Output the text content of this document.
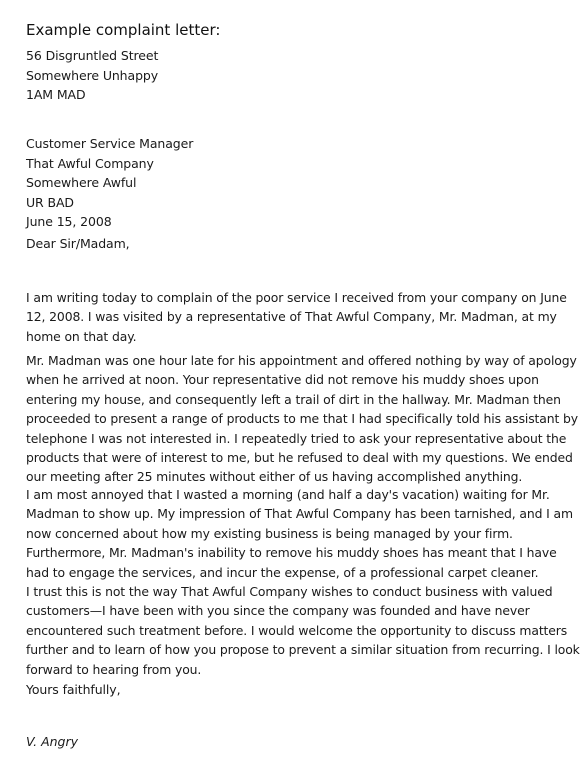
Example complaint letter:
56 Disgruntled Street
Somewhere Unhappy
1AM MAD
Customer Service Manager
That Awful Company
Somewhere Awful
UR BAD
June 15, 2008
Dear Sir/Madam,
I am writing today to complain of the poor service I received from your company on June
12, 2008. I was visited by a representative of That Awful Company, Mr. Madman, at my
home on that day.
Mr. Madman was one hour late for his appointment and offered nothing by way of apology
when he arrived at noon. Your representative did not remove his muddy shoes upon
entering my house, and consequently left a trail of dirt in the hallway. Mr. Madman then
proceeded to present a range of products to me that I had specifically told his assistant by
telephone I was not interested in. I repeatedly tried to ask your representative about the
products that were of interest to me, but he refused to deal with my questions. We ended
our meeting after 25 minutes without either of us having accomplished anything.
I am most annoyed that I wasted a morning (and half a day's vacation) waiting for Mr.
Madman to show up. My impression of That Awful Company has been tarnished, and I am
now concerned about how my existing business is being managed by your firm.
Furthermore, Mr. Madman's inability to remove his muddy shoes has meant that I have
had to engage the services, and incur the expense, of a professional carpet cleaner.
I trust this is not the way That Awful Company wishes to conduct business with valued
customers—I have been with you since the company was founded and have never
encountered such treatment before. I would welcome the opportunity to discuss matters
further and to learn of how you propose to prevent a similar situation from recurring. I look
forward to hearing from you.
Yours faithfully,
V. Angry
